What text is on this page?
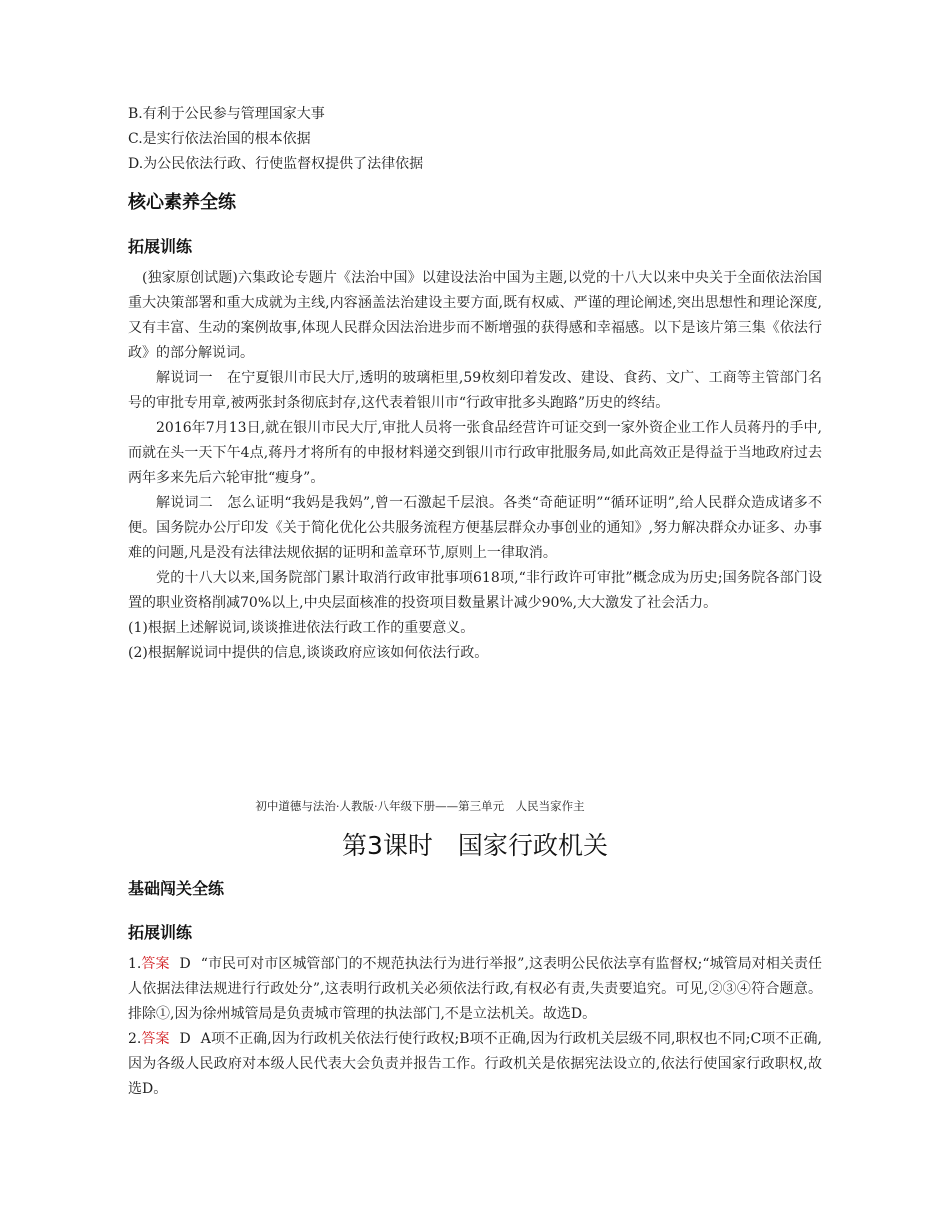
B.有利于公民参与管理国家大事
C.是实行依法治国的根本依据
D.为公民依法行政、行使监督权提供了法律依据
核心素养全练
拓展训练
(独家原创试题)六集政论专题片《法治中国》以建设法治中国为主题,以党的十八大以来中央关于全面依法治国重大决策部署和重大成就为主线,内容涵盖法治建设主要方面,既有权威、严谨的理论阐述,突出思想性和理论深度,又有丰富、生动的案例故事,体现人民群众因法治进步而不断增强的获得感和幸福感。以下是该片第三集《依法行政》的部分解说词。
解说词一　在宁夏银川市民大厅,透明的玻璃柜里,59枚刻印着发改、建设、食药、文广、工商等主管部门名号的审批专用章,被两张封条彻底封存,这代表着银川市“行政审批多头跑路”历史的终结。
2016年7月13日,就在银川市民大厅,审批人员将一张食品经营许可证交到一家外资企业工作人员蒋丹的手中,而就在头一天下午4点,蒋丹才将所有的申报材料递交到银川市行政审批服务局,如此高效正是得益于当地政府过去两年多来先后六轮审批“瘦身”。
解说词二　怎么证明“我妈是我妈”,曾一石激起千层浪。各类“奇葩证明”“循环证明”,给人民群众造成诸多不便。国务院办公厅印发《关于简化优化公共服务流程方便基层群众办事创业的通知》,努力解决群众办证多、办事难的问题,凡是没有法律法规依据的证明和盖章环节,原则上一律取消。
党的十八大以来,国务院部门累计取消行政审批事项618项,“非行政许可审批”概念成为历史;国务院各部门设置的职业资格削减70%以上,中央层面核准的投资项目数量累计减少90%,大大激发了社会活力。
(1)根据上述解说词,谈谈推进依法行政工作的重要意义。
(2)根据解说词中提供的信息,谈谈政府应该如何依法行政。
初中道德与法治·人教版·八年级下册——第三单元　人民当家作主
第3课时　国家行政机关
基础闯关全练
拓展训练
1.答案 D “市民可对市区城管部门的不规范执法行为进行举报”,这表明公民依法享有监督权;“城管局对相关责任人依据法律法规进行行政处分”,这表明行政机关必须依法行政,有权必有责,失责要追究。可见,②③④符合题意。排除①,因为徐州城管局是负责城市管理的执法部门,不是立法机关。故选D。
2.答案 D A项不正确,因为行政机关依法行使行政权;B项不正确,因为行政机关层级不同,职权也不同;C项不正确,因为各级人民政府对本级人民代表大会负责并报告工作。行政机关是依据宪法设立的,依法行使国家行政职权,故选D。
